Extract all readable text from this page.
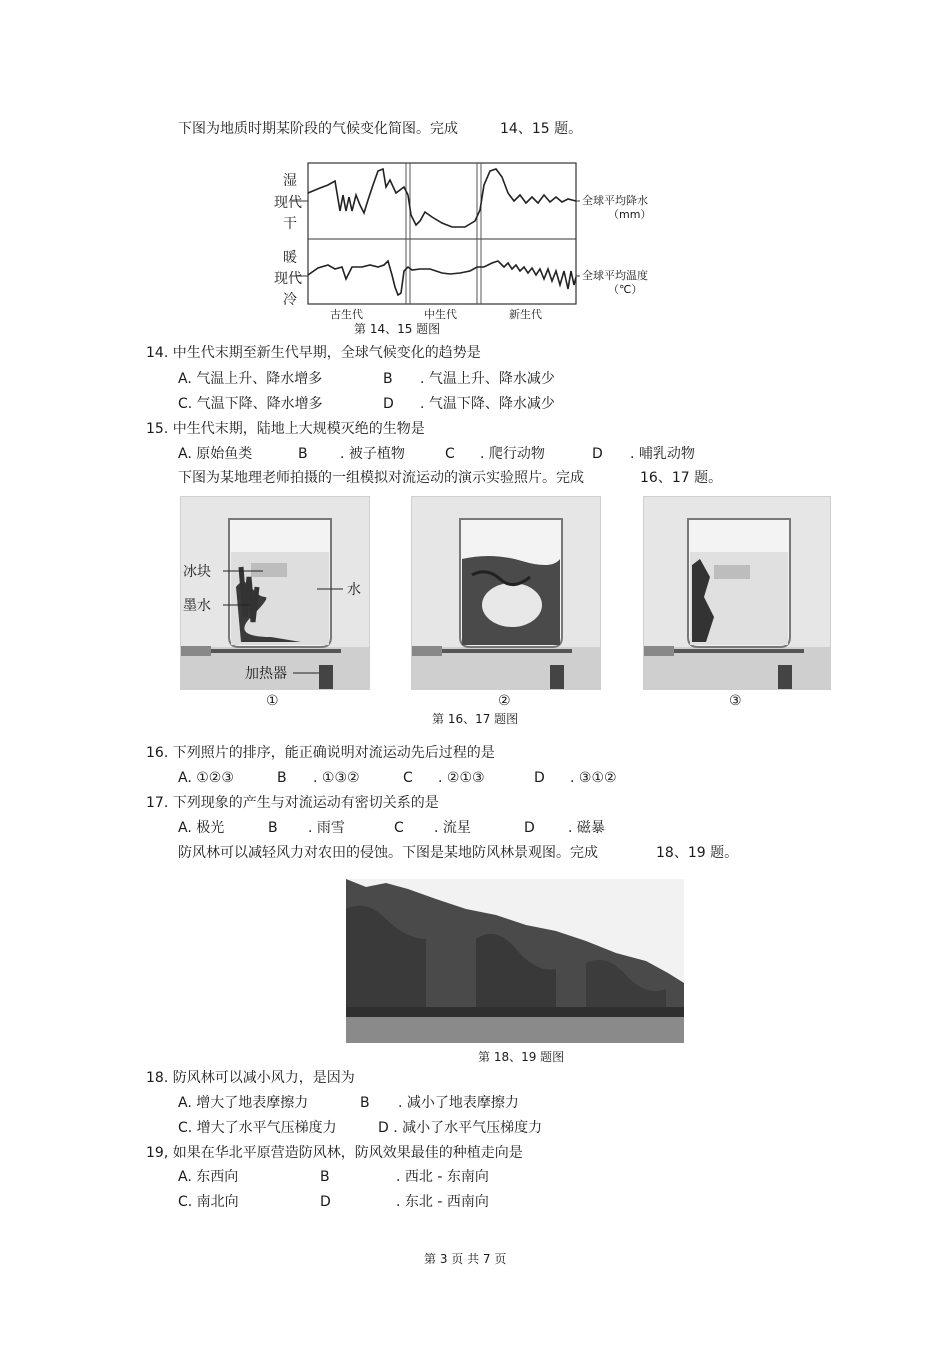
下图为地质时期某阶段的气候变化简图。完成	14、15 题。
湿
现代
干
暖
现代
冷
全球平均降水
（mm）
全球平均温度
（℃）
古生代	中生代	新生代
第 14、15 题图
14. 中生代末期至新生代早期，全球气候变化的趋势是
A. 气温上升、降水增多	B . 气温上升、降水减少
C. 气温下降、降水增多	D . 气温下降、降水减少
15. 中生代末期，陆地上大规模灭绝的生物是
A. 原始鱼类	B . 被子植物	C . 爬行动物	D . 哺乳动物
下图为某地理老师拍摄的一组模拟对流运动的演示实验照片。完成	16、17 题。
冰块
墨水
水
加热器
①	②	③
第 16、17 题图
16. 下列照片的排序，能正确说明对流运动先后过程的是
A. ①②③	B . ①③②	C . ②①③	D . ③①②
17. 下列现象的产生与对流运动有密切关系的是
A. 极光	B . 雨雪	C . 流星	D . 磁暴
防风林可以减轻风力对农田的侵蚀。下图是某地防风林景观图。完成	18、19 题。
第 18、19 题图
18. 防风林可以减小风力，是因为
A. 增大了地表摩擦力	B . 减小了地表摩擦力
C. 增大了水平气压梯度力	D . 减小了水平气压梯度力
19, 如果在华北平原营造防风林，防风效果最佳的种植走向是
A. 东西向	B	. 西北 - 东南向
C. 南北向	D	. 东北 - 西南向
第 3 页 共 7 页
